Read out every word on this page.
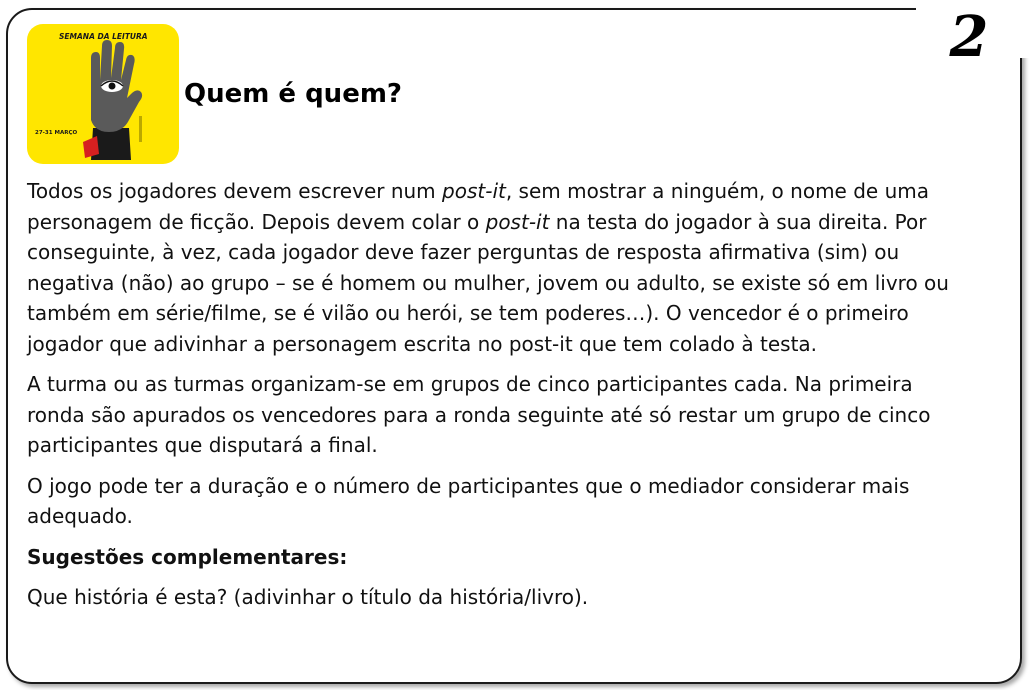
2
SEMANA DA LEITURA
27-31 MARÇO
Quem é quem?

Todos os jogadores devem escrever num post-it, sem mostrar a ninguém, o nome de uma personagem de ficção. Depois devem colar o post-it na testa do jogador à sua direita. Por conseguinte, à vez, cada jogador deve fazer perguntas de resposta afirmativa (sim) ou negativa (não) ao grupo – se é homem ou mulher, jovem ou adulto, se existe só em livro ou também em série/filme, se é vilão ou herói, se tem poderes…). O vencedor é o primeiro jogador que adivinhar a personagem escrita no post-it que tem colado à testa.

A turma ou as turmas organizam-se em grupos de cinco participantes cada. Na primeira ronda são apurados os vencedores para a ronda seguinte até só restar um grupo de cinco participantes que disputará a final.

O jogo pode ter a duração e o número de participantes que o mediador considerar mais adequado.

Sugestões complementares:

Que história é esta? (adivinhar o título da história/livro).
